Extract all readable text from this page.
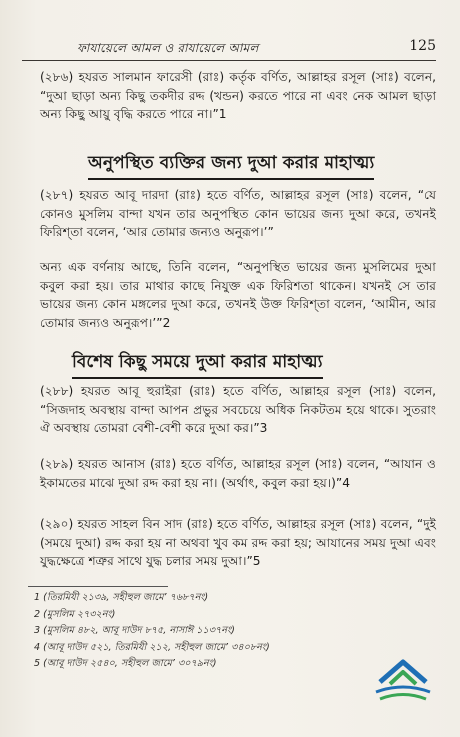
ফাযায়েলে আমল ও রাযায়েলে আমল	125
(২৮৬) হযরত সালমান ফারেসী (রাঃ) কর্তৃক বর্ণিত, আল্লাহর রসূল (সাঃ) বলেন, “দুআ ছাড়া অন্য কিছু তকদীর রদ্দ (খন্ডন) করতে পারে না এবং নেক আমল ছাড়া অন্য কিছু আয়ু বৃদ্ধি করতে পারে না।”1
অনুপস্থিত ব্যক্তির জন্য দুআ করার মাহাত্ম্য
(২৮৭) হযরত আবূ দারদা (রাঃ) হতে বর্ণিত, আল্লাহর রসূল (সাঃ) বলেন, “যে কোনও মুসলিম বান্দা যখন তার অনুপস্থিত কোন ভায়ের জন্য দুআ করে, তখনই ফিরিশ্‌তা বলেন, ‘আর তোমার জন্যও অনুরূপ।’”
অন্য এক বর্ণনায় আছে, তিনি বলেন, “অনুপস্থিত ভায়ের জন্য মুসলিমের দুআ কবুল করা হয়। তার মাথার কাছে নিযুক্ত এক ফিরিশতা থাকেন। যখনই সে তার ভায়ের জন্য কোন মঙ্গলের দুআ করে, তখনই উক্ত ফিরিশ্‌তা বলেন, ‘আমীন, আর তোমার জন্যও অনুরূপ।’”2
বিশেষ কিছু সময়ে দুআ করার মাহাত্ম্য
(২৮৮) হযরত আবূ হুরাইরা (রাঃ) হতে বর্ণিত, আল্লাহর রসূল (সাঃ) বলেন, “সিজদাহ অবস্থায় বান্দা আপন প্রভুর সবচেয়ে অধিক নিকটতম হয়ে থাকে। সুতরাং ঐ অবস্থায় তোমরা বেশী-বেশী করে দুআ কর।”3
(২৮৯) হযরত আনাস (রাঃ) হতে বর্ণিত, আল্লাহর রসূল (সাঃ) বলেন, “আযান ও ইকামতের মাঝে দুআ রদ্দ করা হয় না। (অর্থাৎ, কবুল করা হয়।)”4
(২৯০) হযরত সাহল বিন সাদ (রাঃ) হতে বর্ণিত, আল্লাহর রসূল (সাঃ) বলেন, “দুই (সময়ে দুআ) রদ্দ করা হয় না অথবা খুব কম রদ্দ করা হয়; আযানের সময় দুআ এবং যুদ্ধক্ষেত্রে শত্রুর সাথে যুদ্ধ চলার সময় দুআ।”5
1 (তিরমিযী ২১৩৯, সহীহুল জামে’ ৭৬৮৭নং)
2 (মুসলিম ২৭৩২নং)
3 (মুসলিম ৪৮২, আবূ দাউদ ৮৭৫, নাসাঈ ১১৩৭নং)
4 (আবূ দাউদ ৫২১, তিরমিযী ২১২, সহীহুল জামে’ ৩৪০৮নং)
5 (আবূ দাউদ ২৫৪০, সহীহুল জামে’ ৩০৭৯নং)
